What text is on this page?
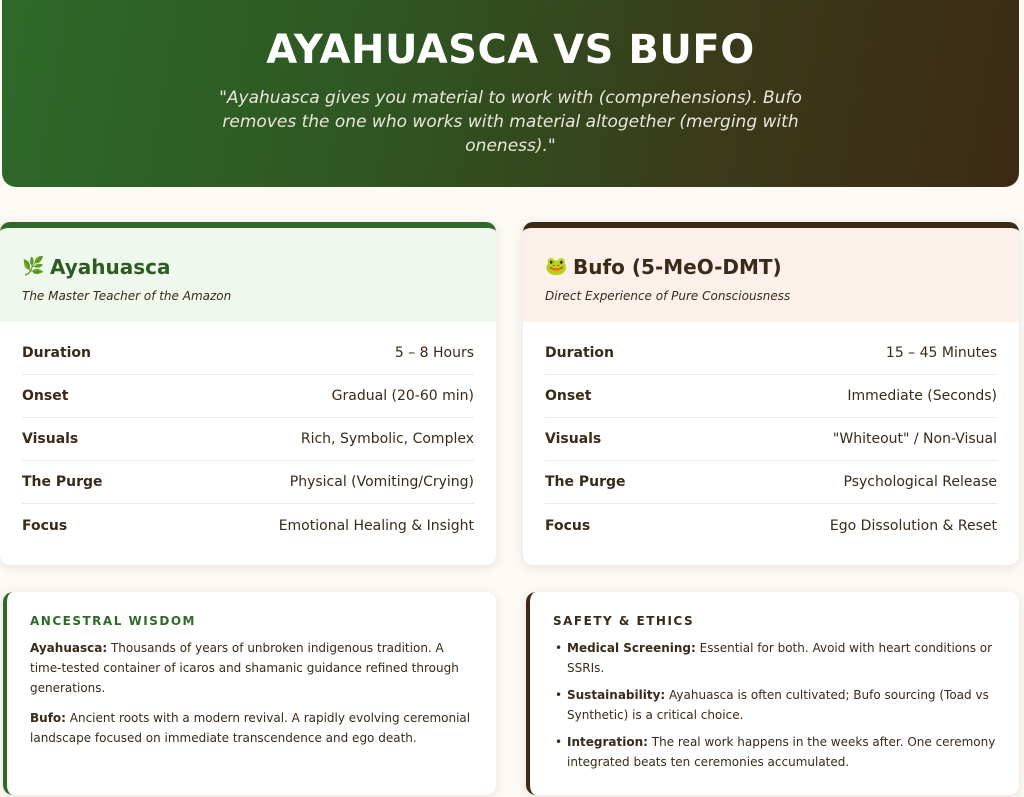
AYAHUASCA VS BUFO

"Ayahuasca gives you material to work with (comprehensions). Bufo removes the one who works with material altogether (merging with oneness)."

🌿 Ayahuasca
The Master Teacher of the Amazon
Duration	5 – 8 Hours
Onset	Gradual (20-60 min)
Visuals	Rich, Symbolic, Complex
The Purge	Physical (Vomiting/Crying)
Focus	Emotional Healing & Insight
🐸 Bufo (5-MeO-DMT)
Direct Experience of Pure Consciousness
Duration	15 – 45 Minutes
Onset	Immediate (Seconds)
Visuals	"Whiteout" / Non-Visual
The Purge	Psychological Release
Focus	Ego Dissolution & Reset
ANCESTRAL WISDOM

Ayahuasca: Thousands of years of unbroken indigenous tradition. A time-tested container of icaros and shamanic guidance refined through generations.

Bufo: Ancient roots with a modern revival. A rapidly evolving ceremonial landscape focused on immediate transcendence and ego death.

SAFETY & ETHICS
• Medical Screening: Essential for both. Avoid with heart conditions or SSRIs.
• Sustainability: Ayahuasca is often cultivated; Bufo sourcing (Toad vs Synthetic) is a critical choice.
• Integration: The real work happens in the weeks after. One ceremony integrated beats ten ceremonies accumulated.
